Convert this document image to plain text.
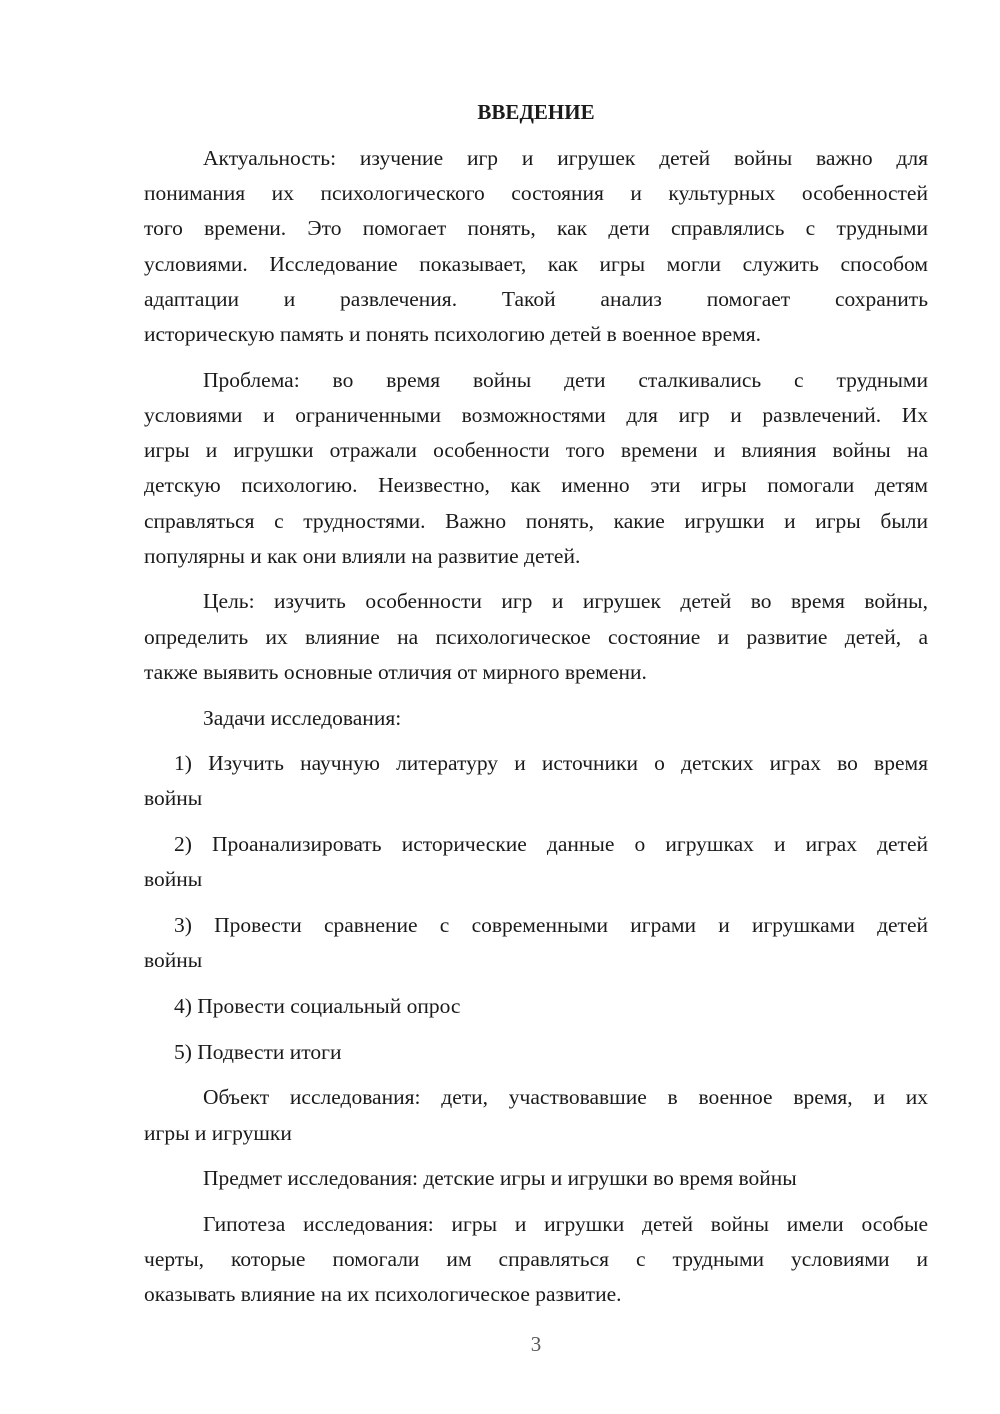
ВВЕДЕНИЕ
Актуальность: изучение игр и игрушек детей войны важно для
понимания их психологического состояния и культурных особенностей
того времени. Это помогает понять, как дети справлялись с трудными
условиями. Исследование показывает, как игры могли служить способом
адаптации и развлечения. Такой анализ помогает сохранить
историческую память и понять психологию детей в военное время.
Проблема: во время войны дети сталкивались с трудными
условиями и ограниченными возможностями для игр и развлечений. Их
игры и игрушки отражали особенности того времени и влияния войны на
детскую психологию. Неизвестно, как именно эти игры помогали детям
справляться с трудностями. Важно понять, какие игрушки и игры были
популярны и как они влияли на развитие детей.
Цель: изучить особенности игр и игрушек детей во время войны,
определить их влияние на психологическое состояние и развитие детей, а
также выявить основные отличия от мирного времени.
Задачи исследования:
1) Изучить научную литературу и источники о детских играх во время
войны
2) Проанализировать исторические данные о игрушках и играх детей
войны
3) Провести сравнение с современными играми и игрушками детей
войны
4) Провести социальный опрос
5) Подвести итоги
Объект исследования: дети, участвовавшие в военное время, и их
игры и игрушки
Предмет исследования: детские игры и игрушки во время войны
Гипотеза исследования: игры и игрушки детей войны имели особые
черты, которые помогали им справляться с трудными условиями и
оказывать влияние на их психологическое развитие.
3
